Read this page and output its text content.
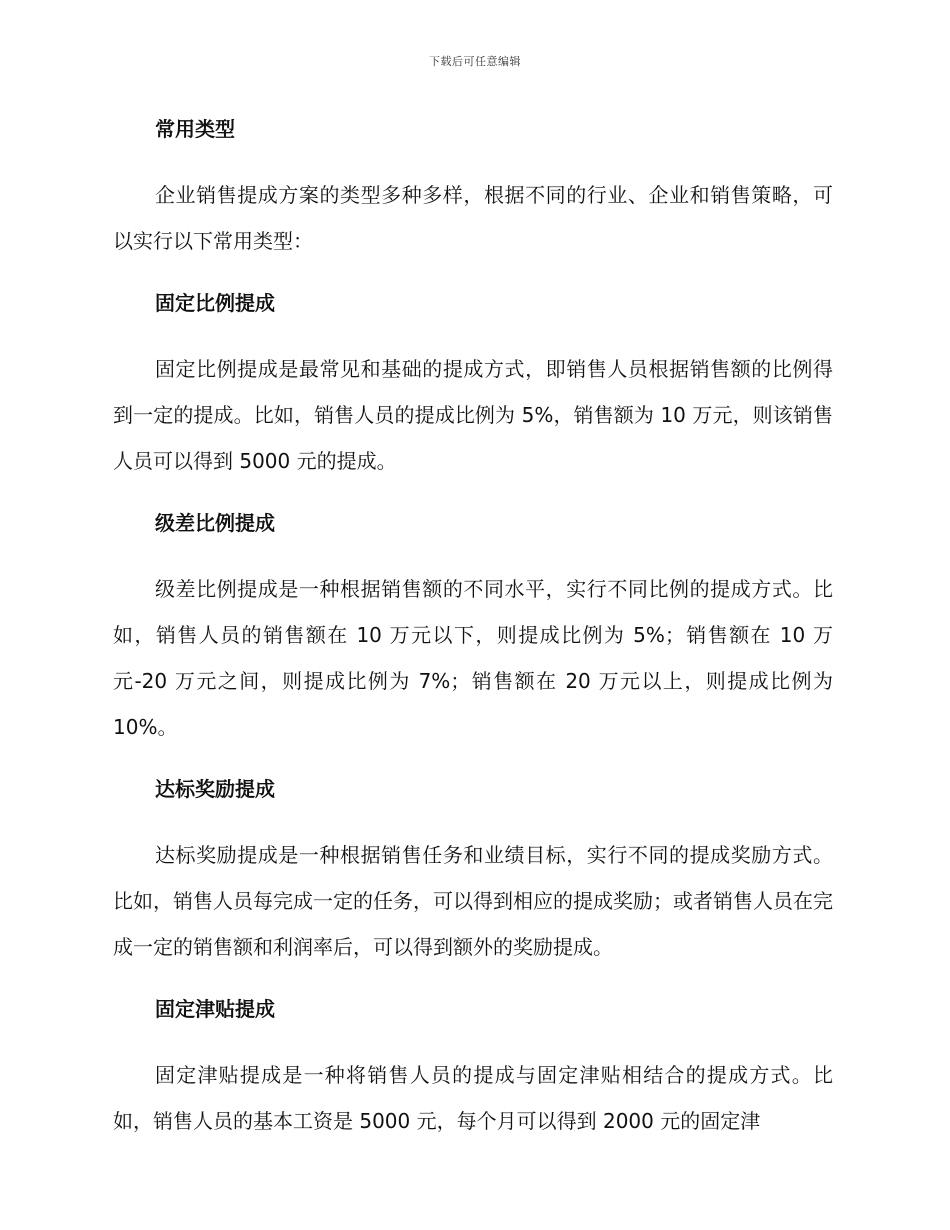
下载后可任意编辑

常用类型

企业销售提成方案的类型多种多样，根据不同的行业、企业和销售策略，可以实行以下常用类型：

固定比例提成

固定比例提成是最常见和基础的提成方式，即销售人员根据销售额的比例得到一定的提成。比如，销售人员的提成比例为 5%，销售额为 10 万元，则该销售人员可以得到 5000 元的提成。

级差比例提成

级差比例提成是一种根据销售额的不同水平，实行不同比例的提成方式。比如，销售人员的销售额在 10 万元以下，则提成比例为 5%；销售额在 10 万元-20 万元之间，则提成比例为 7%；销售额在 20 万元以上，则提成比例为 10%。

达标奖励提成

达标奖励提成是一种根据销售任务和业绩目标，实行不同的提成奖励方式。比如，销售人员每完成一定的任务，可以得到相应的提成奖励；或者销售人员在完成一定的销售额和利润率后，可以得到额外的奖励提成。

固定津贴提成

固定津贴提成是一种将销售人员的提成与固定津贴相结合的提成方式。比如，销售人员的基本工资是 5000 元，每个月可以得到 2000 元的固定津
